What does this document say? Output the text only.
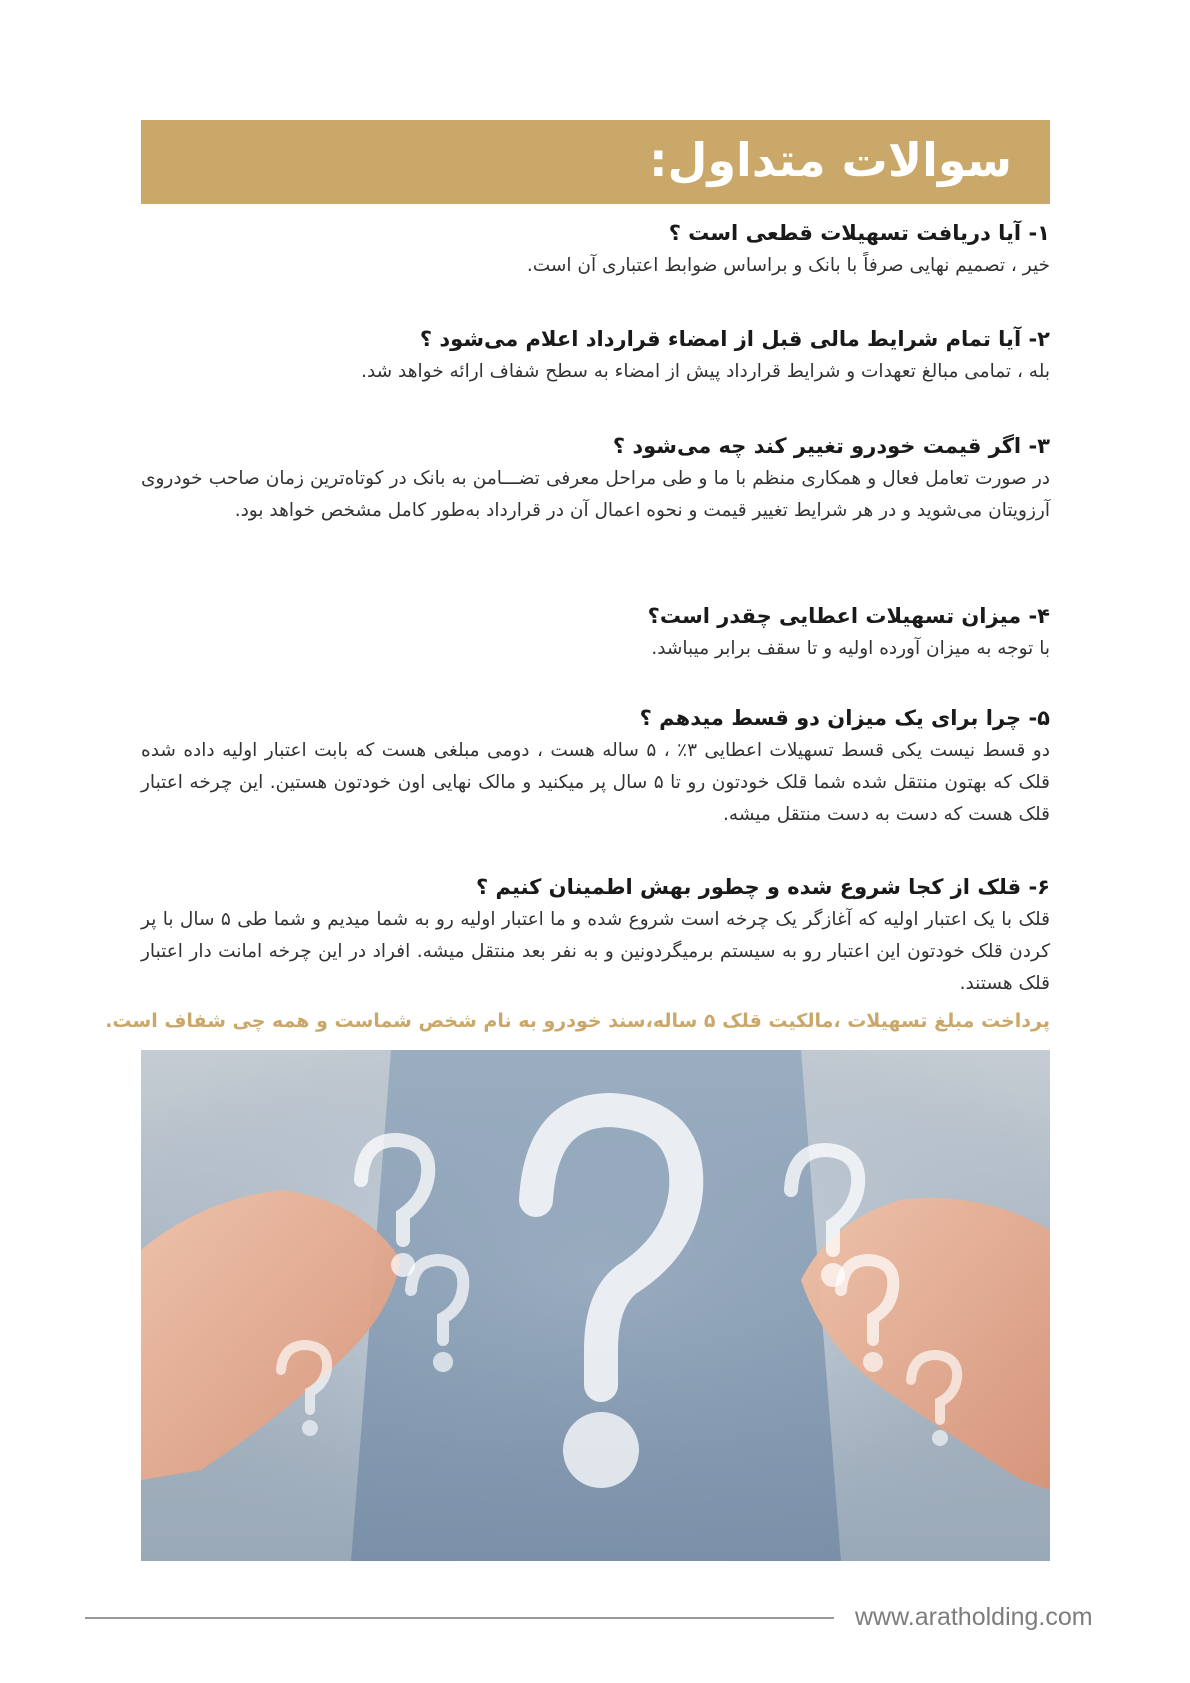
سوالات متداول:
۱- آیا دریافت تسهیلات قطعی است ؟
خیر ، تصمیم نهایی صرفاً با بانک و براساس ضوابط اعتباری آن است.
۲- آیا تمام شرایط مالی قبل از امضاء قرارداد اعلام می‌شود ؟
بله ، تمامی مبالغ تعهدات و شرایط قرارداد پیش از امضاء به سطح شفاف ارائه خواهد شد.
۳- اگر قیمت خودرو تغییر کند چه می‌شود ؟
در صورت تعامل فعال و همکاری منظم با ما و طی مراحل معرفی تضـــامن به بانک در کوتاه‌ترین زمان صاحب خودروی آرزویتان می‌شوید و در هر شرایط تغییر قیمت و نحوه اعمال آن در قرارداد به‌طور کامل مشخص خواهد بود.
۴- میزان تسهیلات اعطایی چقدر است؟
با توجه به میزان آورده اولیه و تا سقف برابر میباشد.
۵- چرا برای یک میزان دو قسط میدهم ؟
دو قسط نیست یکی قسط تسهیلات اعطایی ۳٪ ، ۵ ساله هست ، دومی مبلغی هست که بابت اعتبار اولیه داده شده قلک که بهتون منتقل شده شما قلک خودتون رو تا ۵ سال پر میکنید و مالک نهایی اون خودتون هستین. این چرخه اعتبار قلک هست که دست به دست منتقل میشه.
۶- قلک از کجا شروع شده و چطور بهش اطمینان کنیم ؟
قلک با یک اعتبار اولیه که آغازگر یک چرخه است شروع شده و ما اعتبار اولیه رو به شما میدیم و شما طی ۵ سال با پر کردن قلک خودتون این اعتبار رو به سیستم برمیگردونین و به نفر بعد منتقل میشه. افراد در این چرخه امانت دار اعتبار قلک هستند.
پرداخت مبلغ تسهیلات ،مالکیت قلک ۵ ساله،سند خودرو به نام شخص شماست و همه چی شفاف است.
www.aratholding.com
